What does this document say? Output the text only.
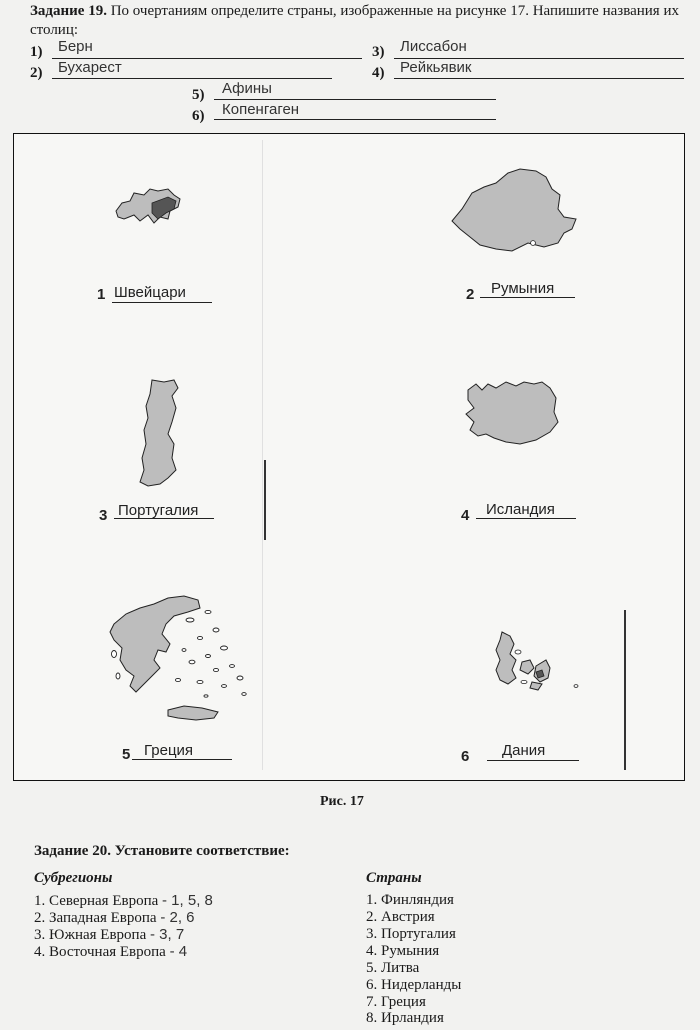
Задание 19. По очертаниям определите страны, изображенные на рисунке 17. Напишите названия их столиц:
1) Берн
2) Бухарест
3) Лиссабон
4) Рейкьявик
5) Афины
6) Копенгаген
1 Швейцари	2 Румыния
3 Португалия	4 Исландия
5 Греция	6 Дания
Рис. 17
Задание 20. Установите соответствие:
Субрегионы	Страны
1. Северная Европа - 1, 5, 8
2. Западная Европа - 2, 6
3. Южная Европа - 3, 7
4. Восточная Европа - 4
1. Финляндия
2. Австрия
3. Португалия
4. Румыния
5. Литва
6. Нидерланды
7. Греция
8. Ирландия
